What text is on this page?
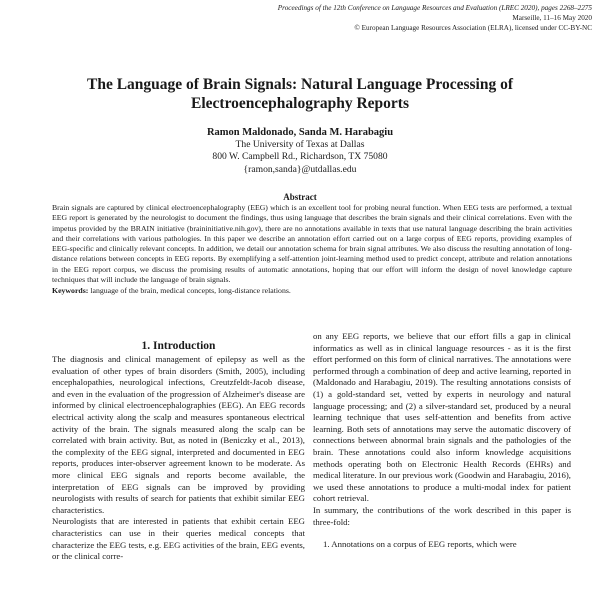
Proceedings of the 12th Conference on Language Resources and Evaluation (LREC 2020), pages 2268–2275
Marseille, 11–16 May 2020
© European Language Resources Association (ELRA), licensed under CC-BY-NC
The Language of Brain Signals: Natural Language Processing of
Electroencephalography Reports
Ramon Maldonado, Sanda M. Harabagiu
The University of Texas at Dallas
800 W. Campbell Rd., Richardson, TX 75080
{ramon,sanda}@utdallas.edu
Abstract

Brain signals are captured by clinical electroencephalography (EEG) which is an excellent tool for probing neural function. When EEG tests are performed, a textual EEG report is generated by the neurologist to document the findings, thus using language that describes the brain signals and their clinical correlations. Even with the impetus provided by the BRAIN initiative (braininitiative.nih.gov), there are no annotations available in texts that use natural language describing the brain activities and their correlations with various pathologies. In this paper we describe an annotation effort carried out on a large corpus of EEG reports, providing examples of EEG-specific and clinically relevant concepts. In addition, we detail our annotation schema for brain signal attributes. We also discuss the resulting annotation of long-distance relations between concepts in EEG reports. By exemplifying a self-attention joint-learning method used to predict concept, attribute and relation annotations in the EEG report corpus, we discuss the promising results of automatic annotations, hoping that our effort will inform the design of novel knowledge capture techniques that will include the language of brain signals.

Keywords: language of the brain, medical concepts, long-distance relations.
1. Introduction

The diagnosis and clinical management of epilepsy as well as the evaluation of other types of brain disorders (Smith, 2005), including encephalopathies, neurological infections, Creutzfeldt-Jacob disease, and even in the evaluation of the progression of Alzheimer's disease are informed by clinical electroencephalographies (EEG). An EEG records electrical activity along the scalp and measures spontaneous electrical activity of the brain. The signals measured along the scalp can be correlated with brain activity. But, as noted in (Beniczky et al., 2013), the complexity of the EEG signal, interpreted and documented in EEG reports, produces inter-observer agreement known to be moderate. As more clinical EEG signals and reports become available, the interpretation of EEG signals can be improved by providing neurologists with results of search for patients that exhibit similar EEG characteristics.

Neurologists that are interested in patients that exhibit certain EEG characteristics can use in their queries medical concepts that characterize the EEG tests, e.g. EEG activities of the brain, EEG events, or the clinical corre-

on any EEG reports, we believe that our effort fills a gap in clinical informatics as well as in clinical language resources - as it is the first effort performed on this form of clinical narratives. The annotations were performed through a combination of deep and active learning, reported in (Maldonado and Harabagiu, 2019). The resulting annotations consists of (1) a gold-standard set, vetted by experts in neurology and natural language processing; and (2) a silver-standard set, produced by a neural learning technique that uses self-attention and benefits from active learning. Both sets of annotations may serve the automatic discovery of connections between abnormal brain signals and the pathologies of the brain. These annotations could also inform knowledge acquisitions methods operating both on Electronic Health Records (EHRs) and medical literature. In our previous work (Goodwin and Harabagiu, 2016), we used these annotations to produce a multi-modal index for patient cohort retrieval.

In summary, the contributions of the work described in this paper is three-fold:

1. Annotations on a corpus of EEG reports, which were
